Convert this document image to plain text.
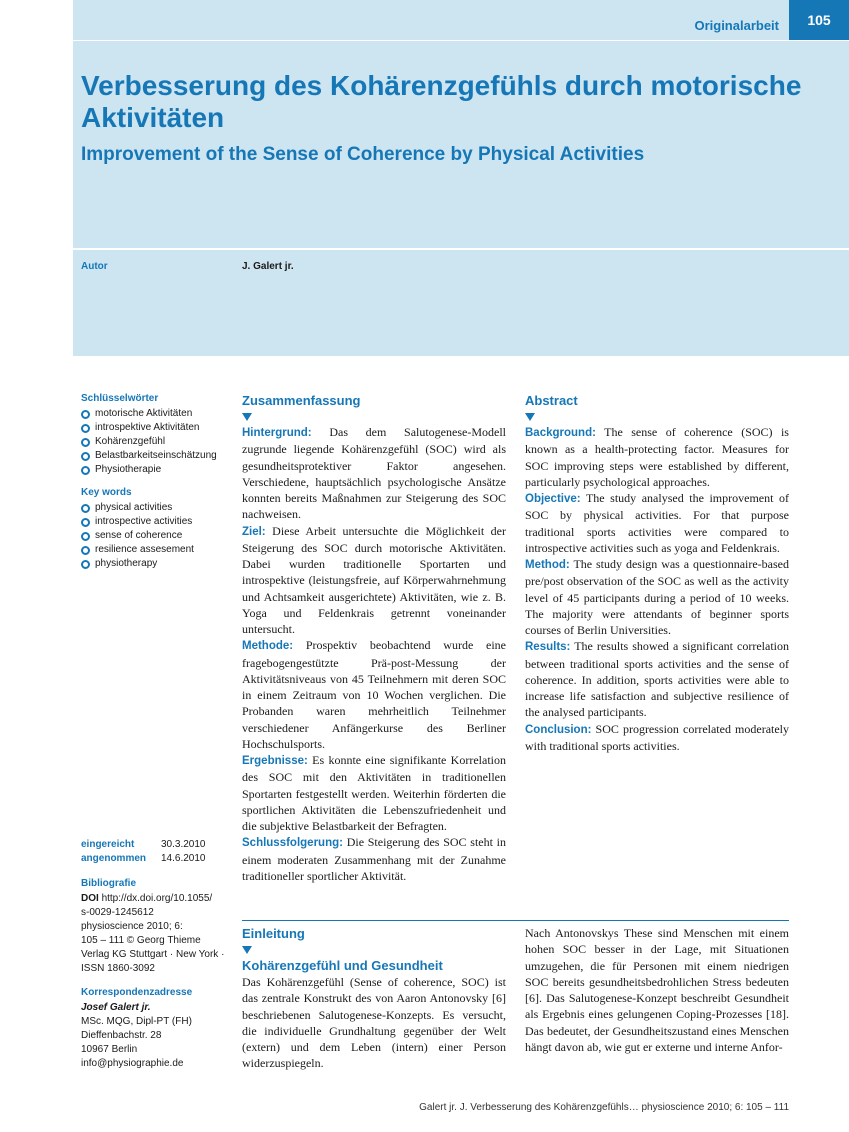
Originalarbeit	105
Verbesserung des Kohärenzgefühls durch motorische Aktivitäten
Improvement of the Sense of Coherence by Physical Activities
Autor	J. Galert jr.
Schlüsselwörter
motorische Aktivitäten
introspektive Aktivitäten
Kohärenzgefühl
Belastbarkeitseinschätzung
Physiotherapie
Key words
physical activities
introspective activities
sense of coherence
resilience assesement
physiotherapy
eingereicht	30.3.2010
angenommen	14.6.2010
Bibliografie
DOI http://dx.doi.org/10.1055/
s-0029-1245612
physioscience 2010; 6:
105 – 111 © Georg Thieme
Verlag KG Stuttgart · New York ·
ISSN 1860-3092
Korrespondenzadresse
Josef Galert jr.
MSc. MQG, Dipl-PT (FH)
Dieffenbachstr. 28
10967 Berlin
info@physiographie.de
Zusammenfassung

Hintergrund: Das dem Salutogenese-Modell zugrunde liegende Kohärenzgefühl (SOC) wird als gesundheitsprotektiver Faktor angesehen. Verschiedene, hauptsächlich psychologische Ansätze konnten bereits Maßnahmen zur Steigerung des SOC nachweisen.

Ziel: Diese Arbeit untersuchte die Möglichkeit der Steigerung des SOC durch motorische Aktivitäten. Dabei wurden traditionelle Sportarten und introspektive (leistungsfreie, auf Körperwahrnehmung und Achtsamkeit ausgerichtete) Aktivitäten, wie z. B. Yoga und Feldenkrais getrennt voneinander untersucht.

Methode: Prospektiv beobachtend wurde eine fragebogengestützte Prä-post-Messung der Aktivitätsniveaus von 45 Teilnehmern mit deren SOC in einem Zeitraum von 10 Wochen verglichen. Die Probanden waren mehrheitlich Teilnehmer verschiedener Anfängerkurse des Berliner Hochschulsports.

Ergebnisse: Es konnte eine signifikante Korrelation des SOC mit den Aktivitäten in traditionellen Sportarten festgestellt werden. Weiterhin förderten die sportlichen Aktivitäten die Lebenszufriedenheit und die subjektive Belastbarkeit der Befragten.

Schlussfolgerung: Die Steigerung des SOC steht in einem moderaten Zusammenhang mit der Zunahme traditioneller sportlicher Aktivität.

Abstract

Background: The sense of coherence (SOC) is known as a health-protecting factor. Measures for SOC improving steps were established by different, particularly psychological approaches.

Objective: The study analysed the improvement of SOC by physical activities. For that purpose traditional sports activities were compared to introspective activities such as yoga and Feldenkrais.

Method: The study design was a questionnaire-based pre/post observation of the SOC as well as the activity level of 45 participants during a period of 10 weeks. The majority were attendants of beginner sports courses of Berlin Universities.

Results: The results showed a significant correlation between traditional sports activities and the sense of coherence. In addition, sports activities were able to increase life satisfaction and subjective resilience of the analysed participants.

Conclusion: SOC progression correlated moderately with traditional sports activities.

Einleitung
Kohärenzgefühl und Gesundheit

Das Kohärenzgefühl (Sense of coherence, SOC) ist das zentrale Konstrukt des von Aaron Antonovsky [6] beschriebenen Salutogenese-Konzepts. Es versucht, die individuelle Grundhaltung gegenüber der Welt (extern) und dem Leben (intern) einer Person widerzuspiegeln.

Nach Antonovskys These sind Menschen mit einem hohen SOC besser in der Lage, mit Situationen umzugehen, die für Personen mit einem niedrigen SOC bereits gesundheitsbedrohlichen Stress bedeuten [6]. Das Salutogenese-Konzept beschreibt Gesundheit als Ergebnis eines gelungenen Coping-Prozesses [18]. Das bedeutet, der Gesundheitszustand eines Menschen hängt davon ab, wie gut er externe und interne Anfor-

Galert jr. J. Verbesserung des Kohärenzgefühls… physioscience 2010; 6: 105 – 111
